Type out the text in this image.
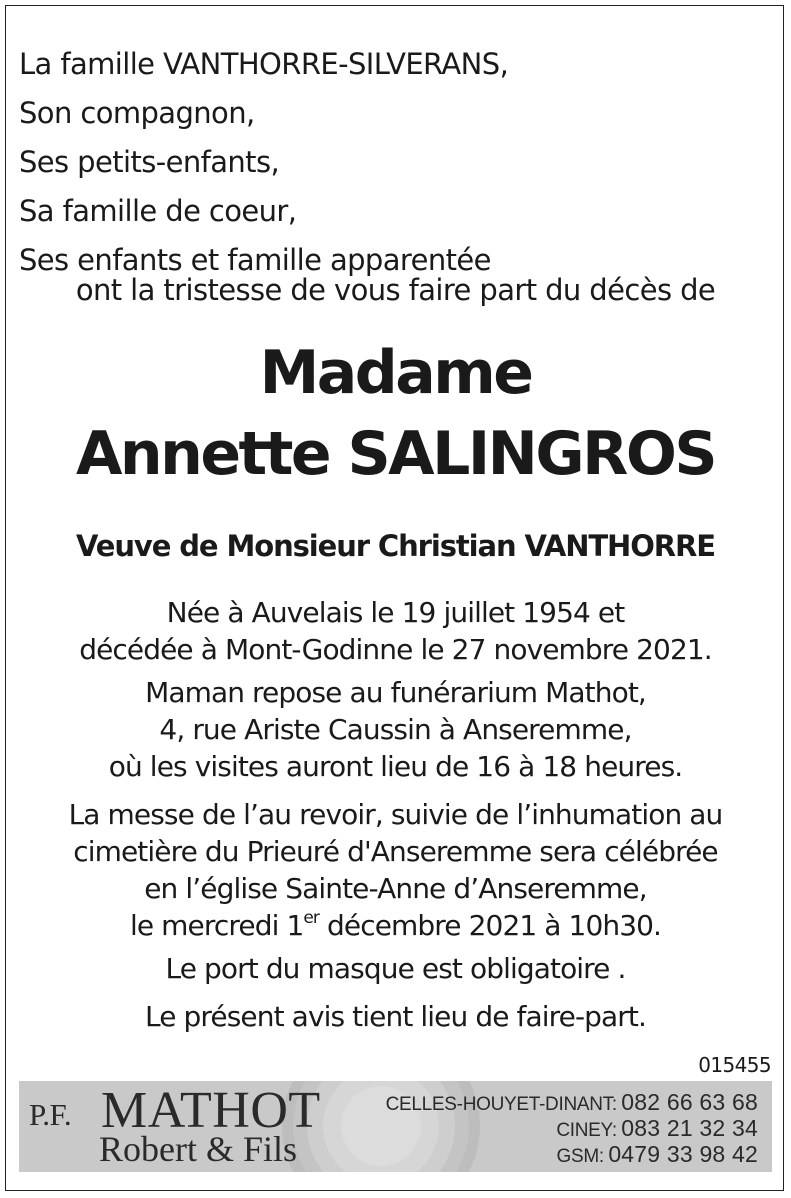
La famille VANTHORRE-SILVERANS,
Son compagnon,
Ses petits-enfants,
Sa famille de coeur,
Ses enfants et famille apparentée
ont la tristesse de vous faire part du décès de
Madame
Annette SALINGROS
Veuve de Monsieur Christian VANTHORRE
Née à Auvelais le 19 juillet 1954 et
décédée à Mont-Godinne le 27 novembre 2021.
Maman repose au funérarium Mathot,
4, rue Ariste Caussin à Anseremme,
où les visites auront lieu de 16 à 18 heures.
La messe de l’au revoir, suivie de l’inhumation au
cimetière du Prieuré d'Anseremme sera célébrée
en l’église Sainte-Anne d’Anseremme,
le mercredi 1er décembre 2021 à 10h30.
Le port du masque est obligatoire .
Le présent avis tient lieu de faire-part.
015455
P.F. MATHOT
Robert & Fils
CELLES-HOUYET-DINANT: 082 66 63 68
CINEY: 083 21 32 34
GSM: 0479 33 98 42
